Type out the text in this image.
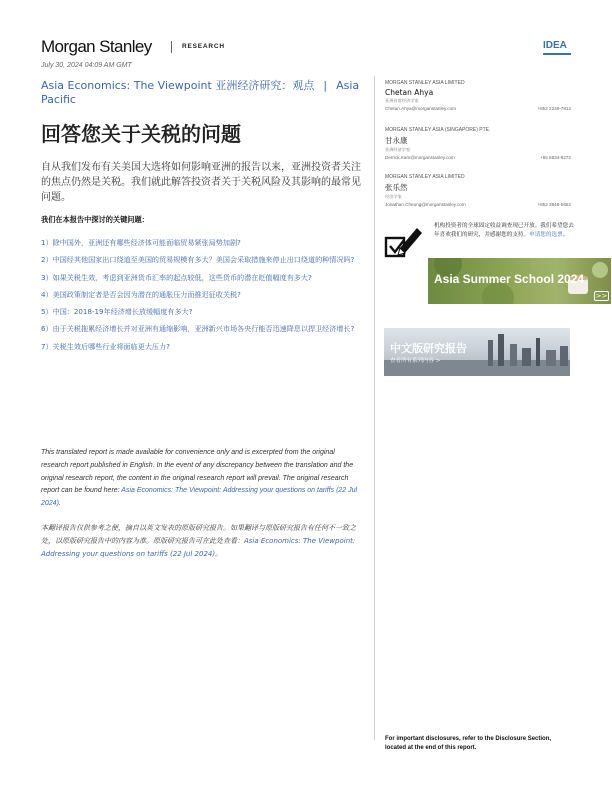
Morgan Stanley	RESEARCH	IDEA
July 30, 2024 04:09 AM GMT
Asia Economics: The Viewpoint 亚洲经济研究：观点 | Asia Pacific
回答您关于关税的问题

自从我们发布有关美国大选将如何影响亚洲的报告以来，亚洲投资者关注的焦点仍然是关税。我们就此解答投资者关于关税风险及其影响的最常见问题。

我们在本报告中探讨的关键问题：
1）除中国外，亚洲还有哪些经济体可能面临贸易紧张局势加剧?
2）中国经其他国家出口绕道至美国的贸易规模有多大？美国会采取措施来停止出口绕道的种情况吗?
3）如果关税生效，考虑到亚洲货币汇率的起点较低，这些货币的潜在贬值幅度有多大?
4）美国政策制定者是否会因为潜在的通胀压力而推迟征收关税?
5）中国：2018-19年经济增长放缓幅度有多大?
6）由于关税拖累经济增长并对亚洲有通缩影响，亚洲新兴市场各央行能否迅速降息以捍卫经济增长?
7）关税生效后哪些行业将面临更大压力?

This translated report is made available for convenience only and is excerpted from the original research report published in English. In the event of any discrepancy between the translation and the original research report, the content in the original research report will prevail. The original research report can be found here: Asia Economics: The Viewpoint: Addressing your questions on tariffs (22 Jul 2024).

本翻译报告仅供参考之便，摘自以英文发表的原版研究报告。如果翻译与原版研究报告有任何不一致之处，以原版研究报告中的内容为准。原版研究报告可在此处查看：Asia Economics: The Viewpoint: Addressing your questions on tariffs (22 Jul 2024)。

MORGAN STANLEY ASIA LIMITED
Chetan Ahya
亚洲首席经济学家
Chetan.Ahya@morganstanley.com	+852 2239-7812
MORGAN STANLEY ASIA (SINGAPORE) PTE.
甘永康
亚洲经济学家
Derrick.Kam@morganstanley.com	+65 6834-8272
MORGAN STANLEY ASIA LIMITED
张乐然
经济学家
Jonathan.Cheung@morganstanley.com	+852 3848-5652

机构投资者的全球固定收益调查现已开放。我们希望您去年喜欢我们的研究，并感谢您的支持。申请您的选票。

Asia Summer School 2024
>>
中文版研究报告
查看所有系列内容 >
For important disclosures, refer to the Disclosure Section, located at the end of this report.
